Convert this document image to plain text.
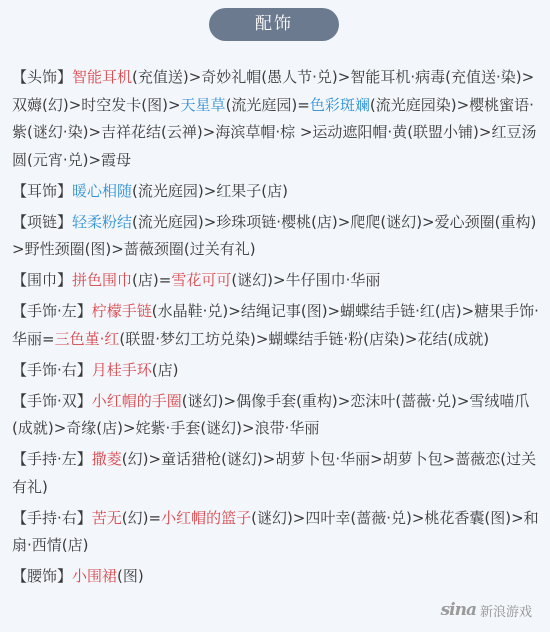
配饰
【头饰】智能耳机(充值送)>奇妙礼帽(愚人节·兑)>智能耳机·病毒(充值送·染)>双薅(幻)>时空发卡(图)>天星草(流光庭园)=色彩斑斓(流光庭园染)>樱桃蜜语·紫(谜幻·染)>吉祥花结(云禅)>海滨草帽·棕 >运动遮阳帽·黄(联盟小铺)>红豆汤圆(元宵·兑)>霞母
【耳饰】暖心相随(流光庭园)>红果子(店)
【项链】轻柔粉结(流光庭园)>珍珠项链·樱桃(店)>爬爬(谜幻)>爱心颈圈(重构)>野性颈圈(图)>蔷薇颈圈(过关有礼)
【围巾】拼色围巾(店)=雪花可可(谜幻)>牛仔围巾·华丽
【手饰·左】柠檬手链(水晶鞋·兑)>结绳记事(图)>蝴蝶结手链·红(店)>糖果手饰·华丽=三色堇·红(联盟·梦幻工坊兑染)>蝴蝶结手链·粉(店染)>花结(成就)
【手饰·右】月桂手环(店)
【手饰·双】小红帽的手圈(谜幻)>偶像手套(重构)>恋沫叶(蔷薇·兑)>雪绒喵爪(成就)>奇缘(店)>姹紫·手套(谜幻)>浪带·华丽
【手持·左】撒菱(幻)>童话猎枪(谜幻)>胡萝卜包·华丽>胡萝卜包>蔷薇恋(过关有礼)
【手持·右】苦无(幻)=小红帽的篮子(谜幻)>四叶幸(蔷薇·兑)>桃花香囊(图)>和扇·西情(店)
【腰饰】小围裙(图)
sina 新浪游戏
